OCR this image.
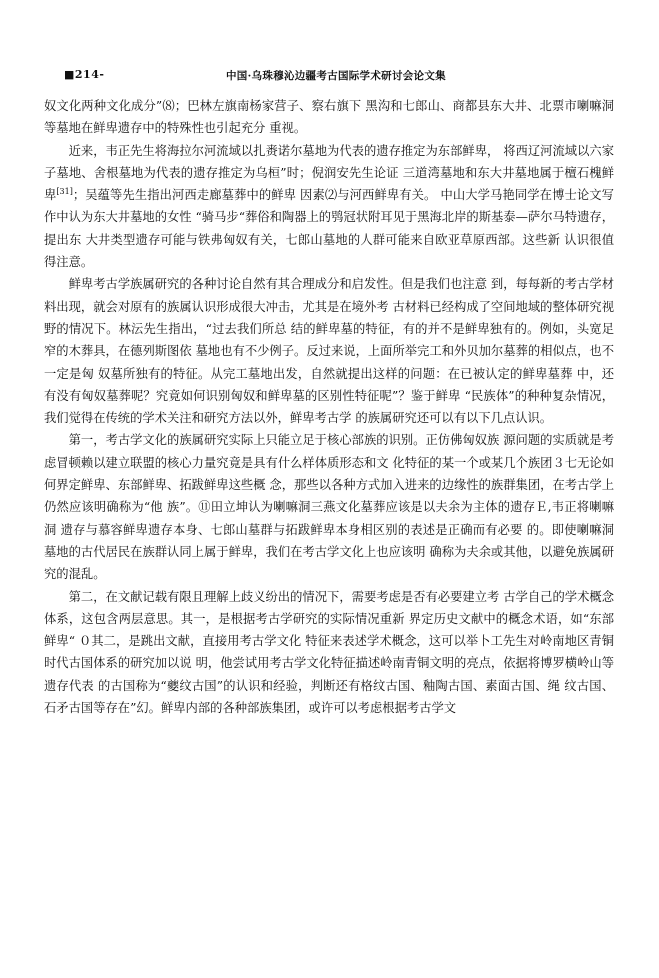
■214-	中国·乌珠穆沁边疆考古国际学术研讨会论文集

奴文化两种文化成分”⑻；巴林左旗南杨家营子、察右旗下 黑沟和七郎山、商都县东大井、北票市喇嘛洞等墓地在鲜卑遗存中的特殊性也引起充分 重视。

近来，韦正先生将海拉尔河流域以扎赉诺尔墓地为代表的遗存推定为东部鲜卑， 将西辽河流域以六家子墓地、舍根墓地为代表的遗存推定为乌桓”时；倪润安先生论证 三道湾墓地和东大井墓地属于檀石槐鲜卑[31]；吴蕴等先生指出河西走廊墓葬中的鲜卑 因素⑵与河西鲜卑有关。 中山大学马艳同学在博士论文写作中认为东大井墓地的女性 “骑马步“葬俗和陶器上的鸮冠状附耳见于黑海北岸的斯基泰—萨尔马特遗存，提出东 大井类型遗存可能与铁弗匈奴有关，七郎山墓地的人群可能来自欧亚草原西部。这些新 认识很值得注意。

鲜卑考古学族属研究的各种讨论自然有其合理成分和启发性。但是我们也注意 到，每每新的考古学材料出现，就会对原有的族属认识形成很大冲击，尤其是在境外考 古材料已经构成了空间地域的整体研究视野的情况下。林沄先生指出，“过去我们所总 结的鲜卑墓的特征，有的并不是鲜卑独有的。例如，头宽足窄的木葬具，在德列斯图依 墓地也有不少例子。反过来说，上面所举完工和外贝加尔墓葬的相似点，也不一定是匈 奴墓所独有的特征。从完工墓地出发，自然就提出这样的问题：在已被认定的鲜卑墓葬 中，还有没有匈奴墓葬呢？究竟如何识别匈奴和鲜卑墓的区别性特征呢”？鉴于鲜卑 “民族体”的种种复杂情况，我们觉得在传统的学术关注和研究方法以外，鲜卑考古学 的族属研究还可以有以下几点认识。

第一，考古学文化的族属研究实际上只能立足于核心部族的识别。正仿佛匈奴族 源问题的实质就是考虑冒顿赖以建立联盟的核心力量究竟是具有什么样体质形态和文 化特征的某一个或某几个族团３七无论如何界定鲜卑、东部鲜卑、拓跋鲜卑这些概 念，那些以各种方式加入进来的边缘性的族群集团，在考古学上仍然应该明确称为“他 族”。⑪田立坤认为喇嘛洞三燕文化墓葬应该是以夫余为主体的遗存Ｅ,韦正将喇嘛洞 遗存与慕容鲜卑遗存本身、七郎山墓群与拓跋鲜卑本身相区别的表述是正确而有必要 的。即使喇嘛洞墓地的古代居民在族群认同上属于鲜卑，我们在考古学文化上也应该明 确称为夫余或其他，以避免族属研究的混乱。

第二，在文献记载有限且理解上歧义纷出的情况下，需要考虑是否有必要建立考 古学自己的学术概念体系，这包含两层意思。其一，是根据考古学研究的实际情况重新 界定历史文献中的概念术语，如“东部鲜卑“ ０其二，是跳出文献，直接用考古学文化 特征来表述学术概念，这可以举卜工先生对岭南地区青铜时代古国体系的研究加以说 明，他尝试用考古学文化特征描述岭南青铜文明的亮点，依据将博罗横岭山等遗存代表 的古国称为“夔纹古国”的认识和经验，判断还有格纹古国、釉陶古国、素面古国、绳 纹古国、石矛古国等存在”幻。鲜卑内部的各种部族集团，或许可以考虑根据考古学文
